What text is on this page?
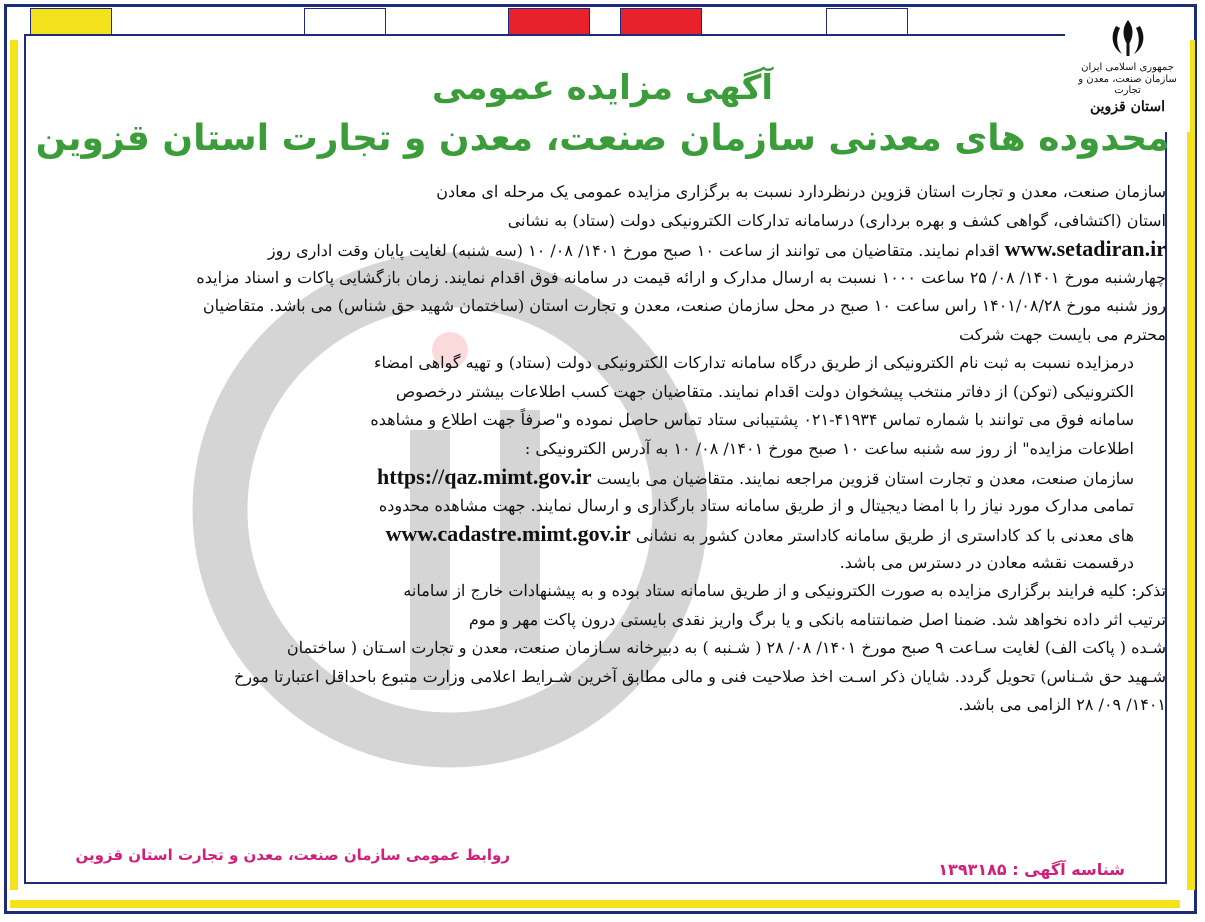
جمهوری اسلامی ایران
سازمان صنعت، معدن و تجارت
استان قزوین
آگهی مزایده عمومی
محدوده های معدنی سازمان صنعت، معدن و تجارت استان قزوین
سازمان صنعت، معدن و تجارت استان قزوین درنظردارد نسبت به برگزاری مزایده عمومی یک مرحله ای معادن
استان (اکتشافی، گواهی کشف و بهره برداری) درسامانه تدارکات الکترونیکی دولت (ستاد) به نشانی
www.setadiran.ir اقدام نمایند. متقاضیان می توانند از ساعت ۱۰ صبح مورخ ۱۴۰۱/ ۰۸/ ۱۰ (سه شنبه) لغایت پایان وقت اداری روز
چهارشنبه مورخ ۱۴۰۱/ ۰۸/ ۲۵ ساعت ۱۰۰۰ نسبت به ارسال مدارک و ارائه قیمت در سامانه فوق اقدام نمایند. زمان بازگشایی پاکات و اسناد مزایده
روز شنبه مورخ ۱۴۰۱/۰۸/۲۸ راس ساعت ۱۰ صبح در محل سازمان صنعت، معدن و تجارت استان (ساختمان شهید حق شناس) می باشد. متقاضیان
محترم می بایست جهت شرکت
درمزایده نسبت به ثبت نام الکترونیکی از طریق درگاه سامانه تدارکات الکترونیکی دولت (ستاد) و تهیه گواهی امضاء
الکترونیکی (توکن) از دفاتر منتخب پیشخوان دولت اقدام نمایند. متقاضیان جهت کسب اطلاعات بیشتر درخصوص
سامانه فوق می توانند با شماره تماس ۴۱۹۳۴-۰۲۱ پشتیبانی ستاد تماس حاصل نموده و"صرفاً جهت اطلاع و مشاهده
اطلاعات مزایده" از روز سه شنبه ساعت ۱۰ صبح مورخ ۱۴۰۱/ ۰۸/ ۱۰ به آدرس الکترونیکی :
سازمان صنعت، معدن و تجارت استان قزوین مراجعه نمایند. متقاضیان می بایست https://qaz.mimt.gov.ir
تمامی مدارک مورد نیاز را با امضا دیجیتال و از طریق سامانه ستاد بارگذاری و ارسال نمایند. جهت مشاهده محدوده
های معدنی با کد کاداستری از طریق سامانه کاداستر معادن کشور به نشانی www.cadastre.mimt.gov.ir
درقسمت نقشه معادن در دسترس می باشد.
تذکر: کلیه فرایند برگزاری مزایده به صورت الکترونیکی و از طریق سامانه ستاد بوده و به پیشنهادات خارج از سامانه
ترتیب اثر داده نخواهد شد. ضمنا اصل ضمانتنامه بانکی و یا برگ واریز نقدی بایستی درون پاکت مهر و موم
شـده ( پاکت الف) لغایت سـاعت ۹ صبح مورخ ۱۴۰۱/ ۰۸/ ۲۸ ( شـنبه ) به دبیرخانه سـازمان صنعت، معدن و تجارت اسـتان ( ساختمان
شـهید حق شـناس) تحویل گردد. شایان ذکر اسـت اخذ صلاحیت فنی و مالی مطابق آخرین شـرایط اعلامی وزارت متبوع باحداقل اعتبارتا مورخ
۱۴۰۱/ ۰۹/ ۲۸ الزامی می باشد.
روابط عمومی سازمان صنعت، معدن و تجارت استان قزوین
شناسه آگهی : ۱۳۹۳۱۸۵
